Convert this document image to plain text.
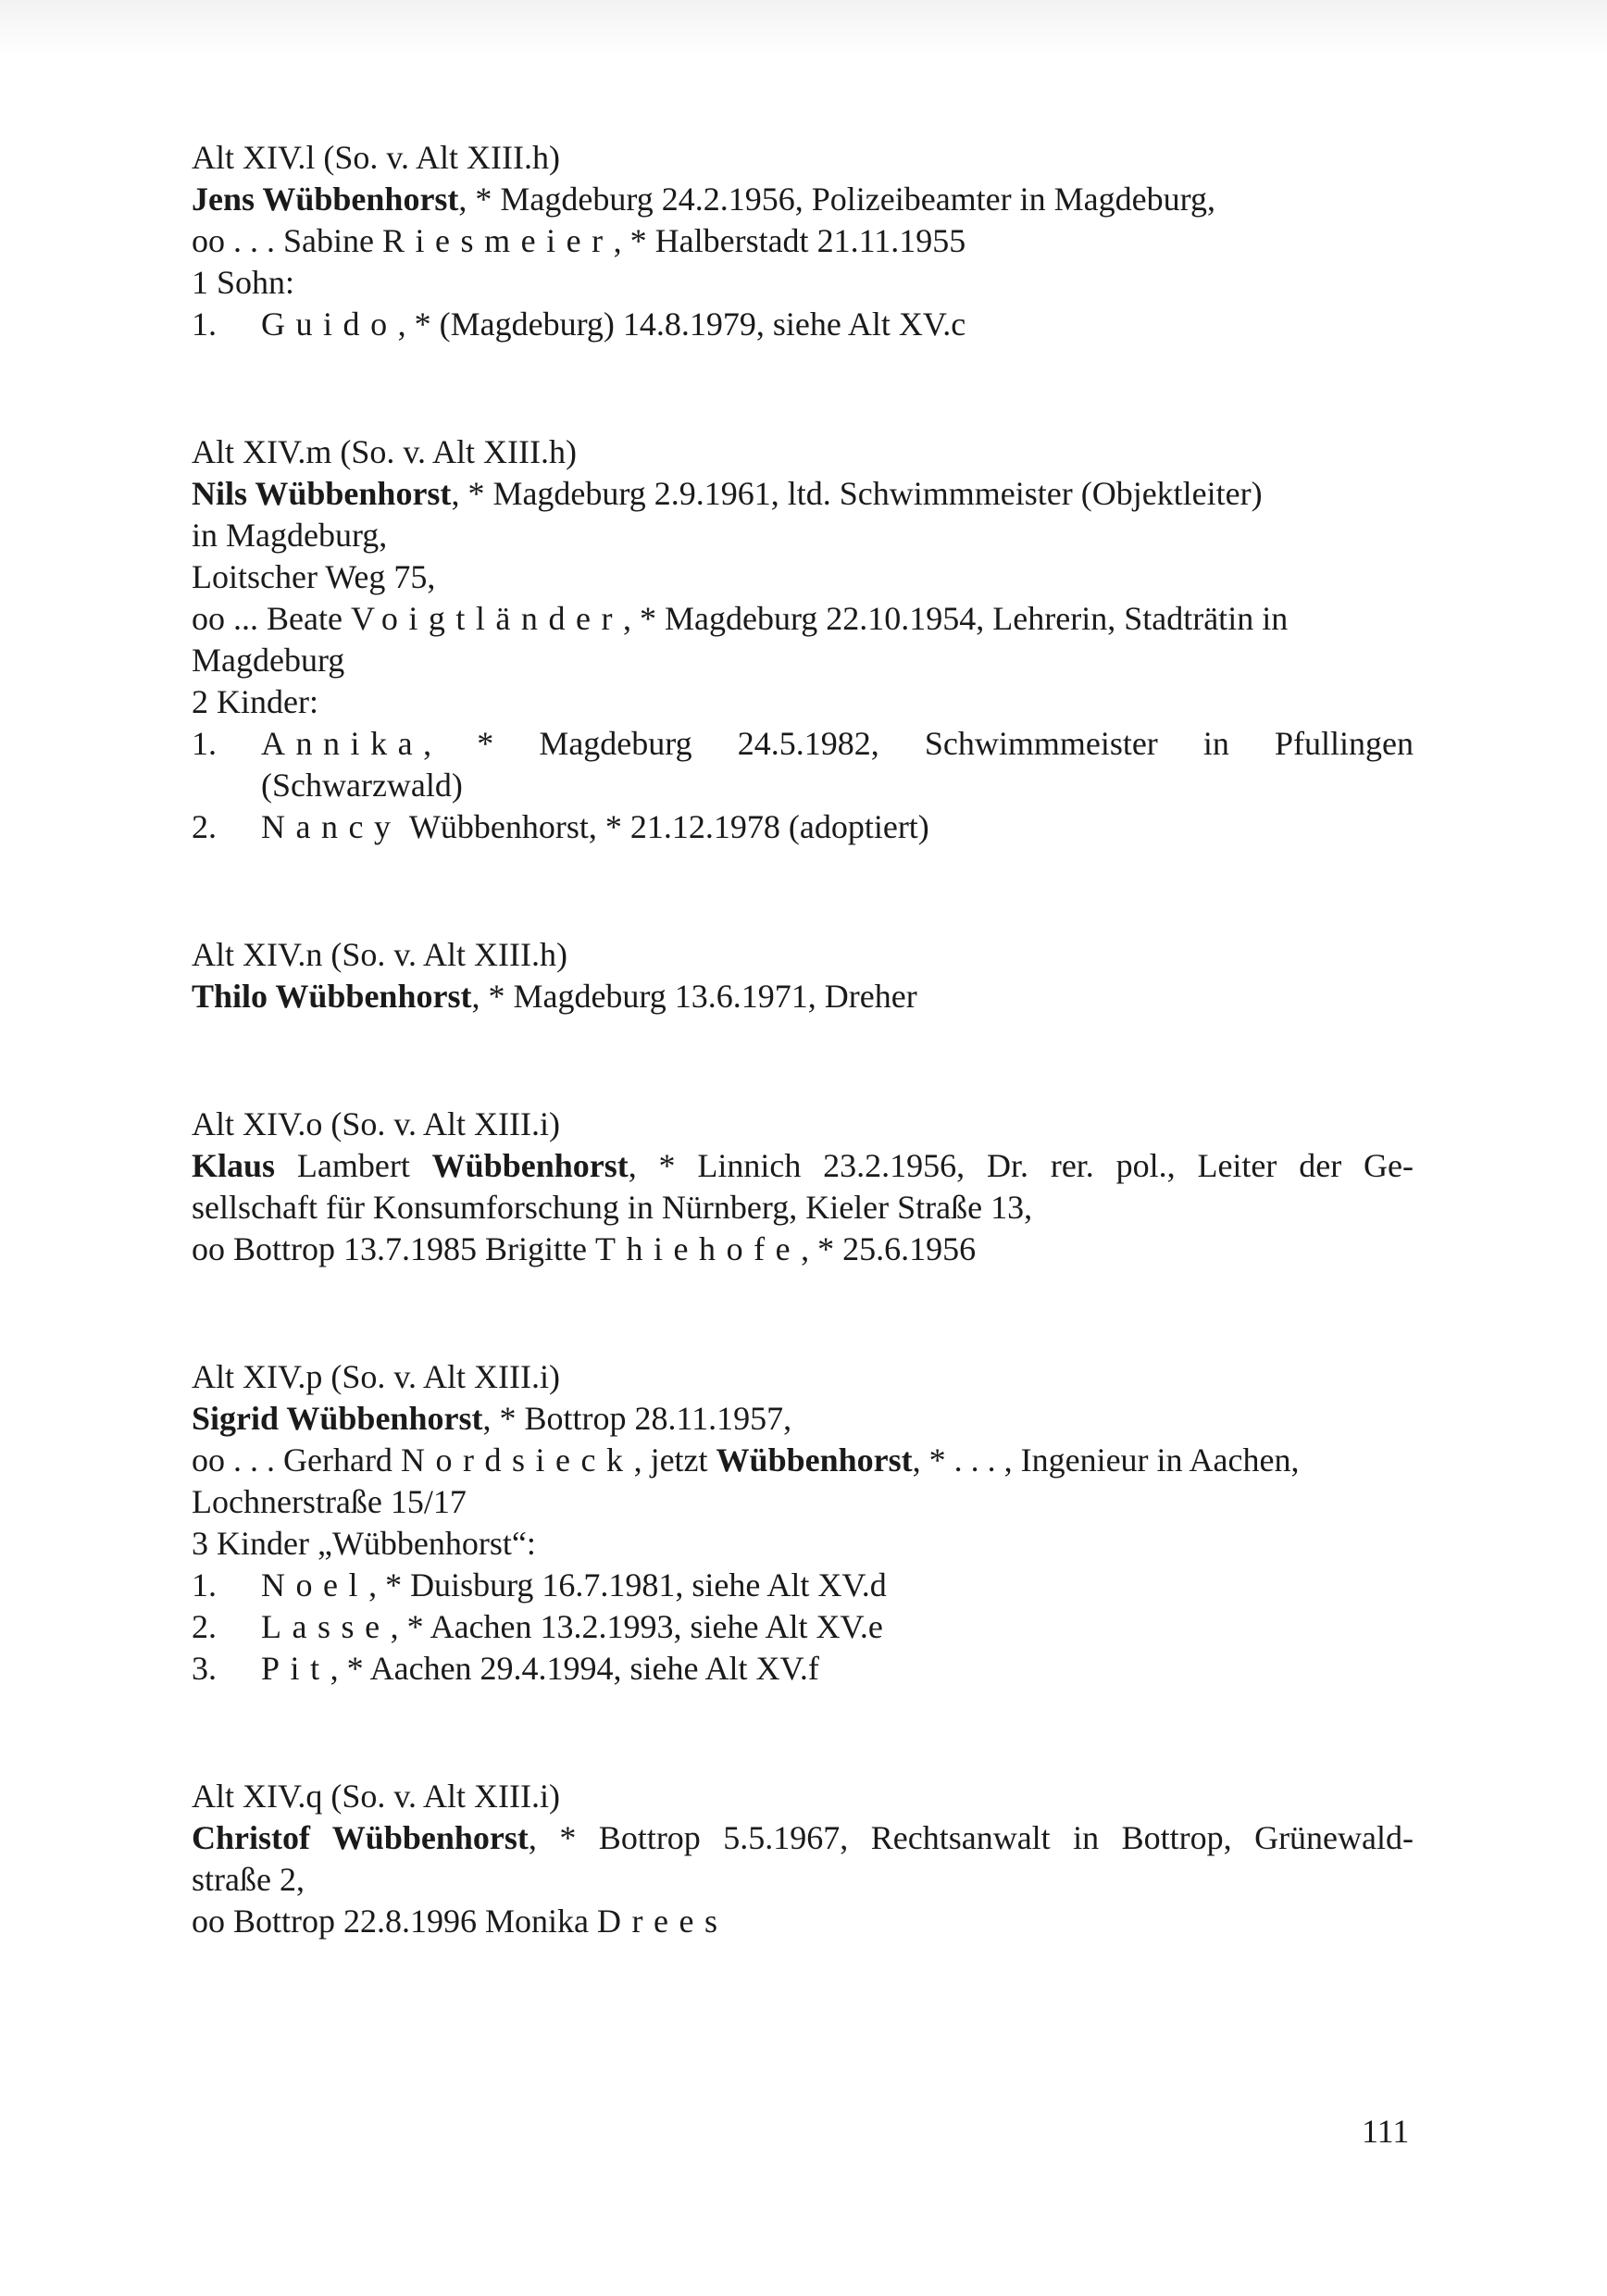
Alt XIV.l (So. v. Alt XIII.h)
Jens Wübbenhorst, * Magdeburg 24.2.1956, Polizeibeamter in Magdeburg,
oo . . . Sabine Riesmeier, * Halberstadt 21.11.1955
1 Sohn:
1.	Guido, * (Magdeburg) 14.8.1979, siehe Alt XV.c
Alt XIV.m (So. v. Alt XIII.h)
Nils Wübbenhorst, * Magdeburg 2.9.1961, ltd. Schwimmmeister (Objektleiter)
in Magdeburg,
Loitscher Weg 75,
oo ... Beate Voigtländer, * Magdeburg 22.10.1954, Lehrerin, Stadträtin in
Magdeburg
2 Kinder:
1.	Annika, * Magdeburg 24.5.1982, Schwimmmeister in Pfullingen
(Schwarzwald)
2.	Nancy Wübbenhorst, * 21.12.1978 (adoptiert)
Alt XIV.n (So. v. Alt XIII.h)
Thilo Wübbenhorst, * Magdeburg 13.6.1971, Dreher
Alt XIV.o (So. v. Alt XIII.i)
Klaus Lambert Wübbenhorst, * Linnich 23.2.1956, Dr. rer. pol., Leiter der Ge-
sellschaft für Konsumforschung in Nürnberg, Kieler Straße 13,
oo Bottrop 13.7.1985 Brigitte Thiehofe, * 25.6.1956
Alt XIV.p (So. v. Alt XIII.i)
Sigrid Wübbenhorst, * Bottrop 28.11.1957,
oo . . . Gerhard Nordsieck, jetzt Wübbenhorst, * . . . , Ingenieur in Aachen,
Lochnerstraße 15/17
3 Kinder „Wübbenhorst“:
1.	Noel, * Duisburg 16.7.1981, siehe Alt XV.d
2.	Lasse, * Aachen 13.2.1993, siehe Alt XV.e
3.	Pit, * Aachen 29.4.1994, siehe Alt XV.f
Alt XIV.q (So. v. Alt XIII.i)
Christof Wübbenhorst, * Bottrop 5.5.1967, Rechtsanwalt in Bottrop, Grünewald-
straße 2,
oo Bottrop 22.8.1996 Monika Drees
111
